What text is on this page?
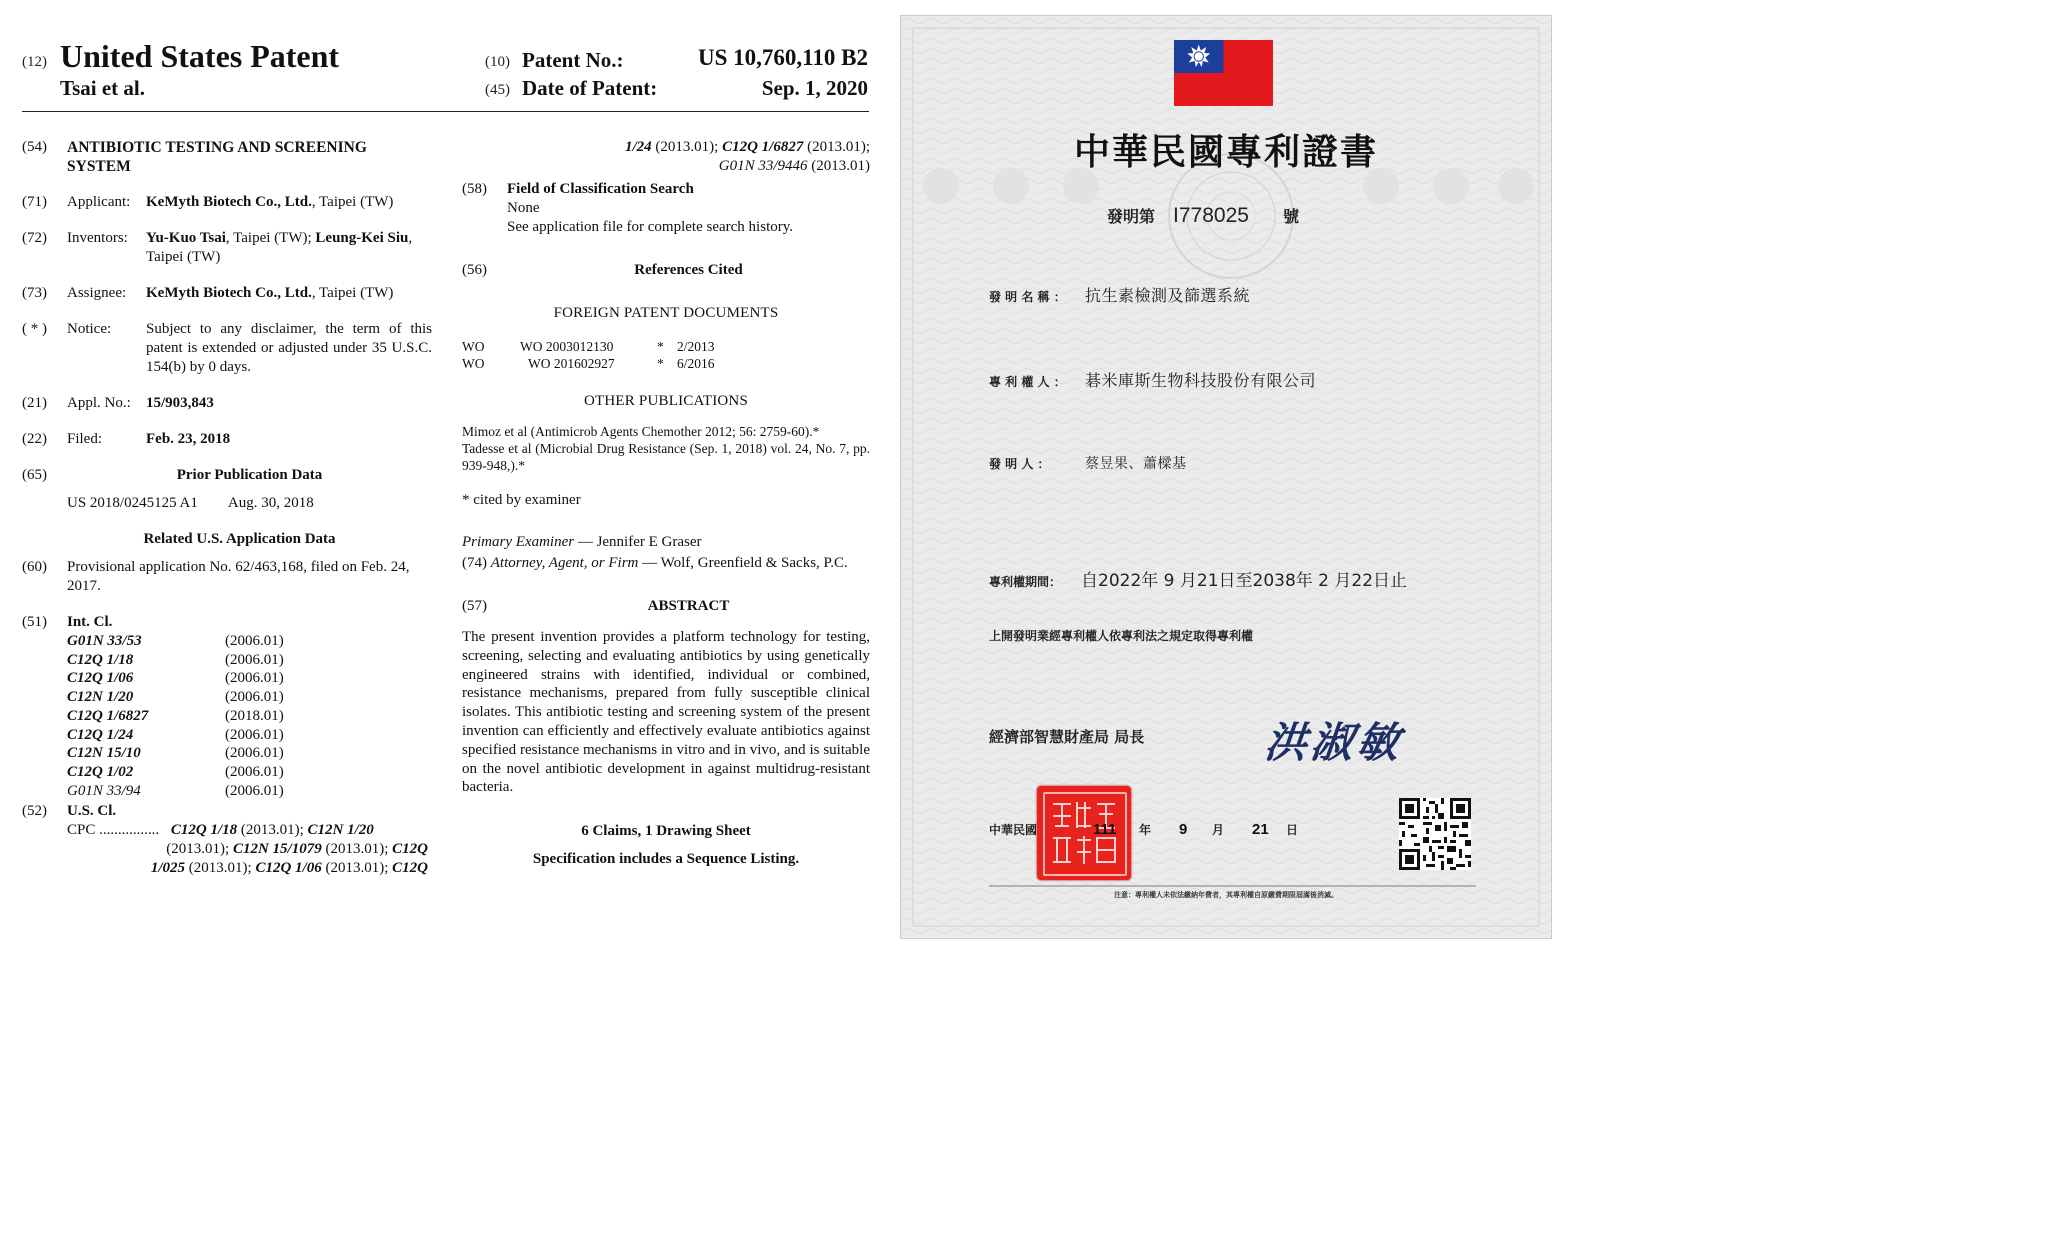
(12) United States Patent
Tsai et al.
(10) Patent No.:	US 10,760,110 B2
(45) Date of Patent:	Sep. 1, 2020
(54)	ANTIBIOTIC TESTING AND SCREENING SYSTEM
(71)	Applicant:	KeMyth Biotech Co., Ltd., Taipei (TW)
(72)	Inventors:	Yu-Kuo Tsai, Taipei (TW); Leung-Kei Siu, Taipei (TW)
(73)	Assignee:	KeMyth Biotech Co., Ltd., Taipei (TW)
( * )	Notice:	Subject to any disclaimer, the term of this patent is extended or adjusted under 35 U.S.C. 154(b) by 0 days.
(21)	Appl. No.:	15/903,843
(22)	Filed:	Feb. 23, 2018
(65)	Prior Publication Data
US 2018/0245125 A1 Aug. 30, 2018
Related U.S. Application Data
(60)	Provisional application No. 62/463,168, filed on Feb. 24, 2017.
(51)	Int. Cl.
G01N 33/53	(2006.01)
C12Q 1/18	(2006.01)
C12Q 1/06	(2006.01)
C12N 1/20	(2006.01)
C12Q 1/6827	(2018.01)
C12Q 1/24	(2006.01)
C12N 15/10	(2006.01)
C12Q 1/02	(2006.01)
G01N 33/94	(2006.01)
(52)	U.S. Cl.
CPC ................ C12Q 1/18 (2013.01); C12N 1/20
(2013.01); C12N 15/1079 (2013.01); C12Q
1/025 (2013.01); C12Q 1/06 (2013.01); C12Q
1/24 (2013.01); C12Q 1/6827 (2013.01);
G01N 33/9446 (2013.01)
(58)	Field of Classification Search
None
See application file for complete search history.
(56)	References Cited
FOREIGN PATENT DOCUMENTS
WO	WO 2003012130	* 2/2013
WO	WO 201602927	* 6/2016
OTHER PUBLICATIONS
Mimoz et al (Antimicrob Agents Chemother 2012; 56: 2759-60).*
Tadesse et al (Microbial Drug Resistance (Sep. 1, 2018) vol. 24, No. 7, pp. 939-948,).*
* cited by examiner
Primary Examiner — Jennifer E Graser
(74) Attorney, Agent, or Firm — Wolf, Greenfield & Sacks, P.C.
(57)	ABSTRACT
The present invention provides a platform technology for testing, screening, selecting and evaluating antibiotics by using genetically engineered strains with identified, individual or combined, resistance mechanisms, prepared from fully susceptible clinical isolates. This antibiotic testing and screening system of the present invention can efficiently and effectively evaluate antibiotics against specified resistance mechanisms in vitro and in vivo, and is suitable on the novel antibiotic development in against multidrug-resistant bacteria.
6 Claims, 1 Drawing Sheet
Specification includes a Sequence Listing.
中華民國專利證書
發明第 I778025	號
發 明 名 稱 ：	抗生素檢測及篩選系統
專 利 權 人 ：	碁米庫斯生物科技股份有限公司
發 明 人 ：	蔡昱果、蕭樑基
專利權期間：	自2022年 9 月21日至2038年 2 月22日止
上開發明業經專利權人依專利法之規定取得專利權
經濟部智慧財產局 局長	洪淑敏
中華民國	111	年	9	月	21	日
注意：專利權人未依法繳納年費者，其專利權自原繳費期限屆滿後消滅。
